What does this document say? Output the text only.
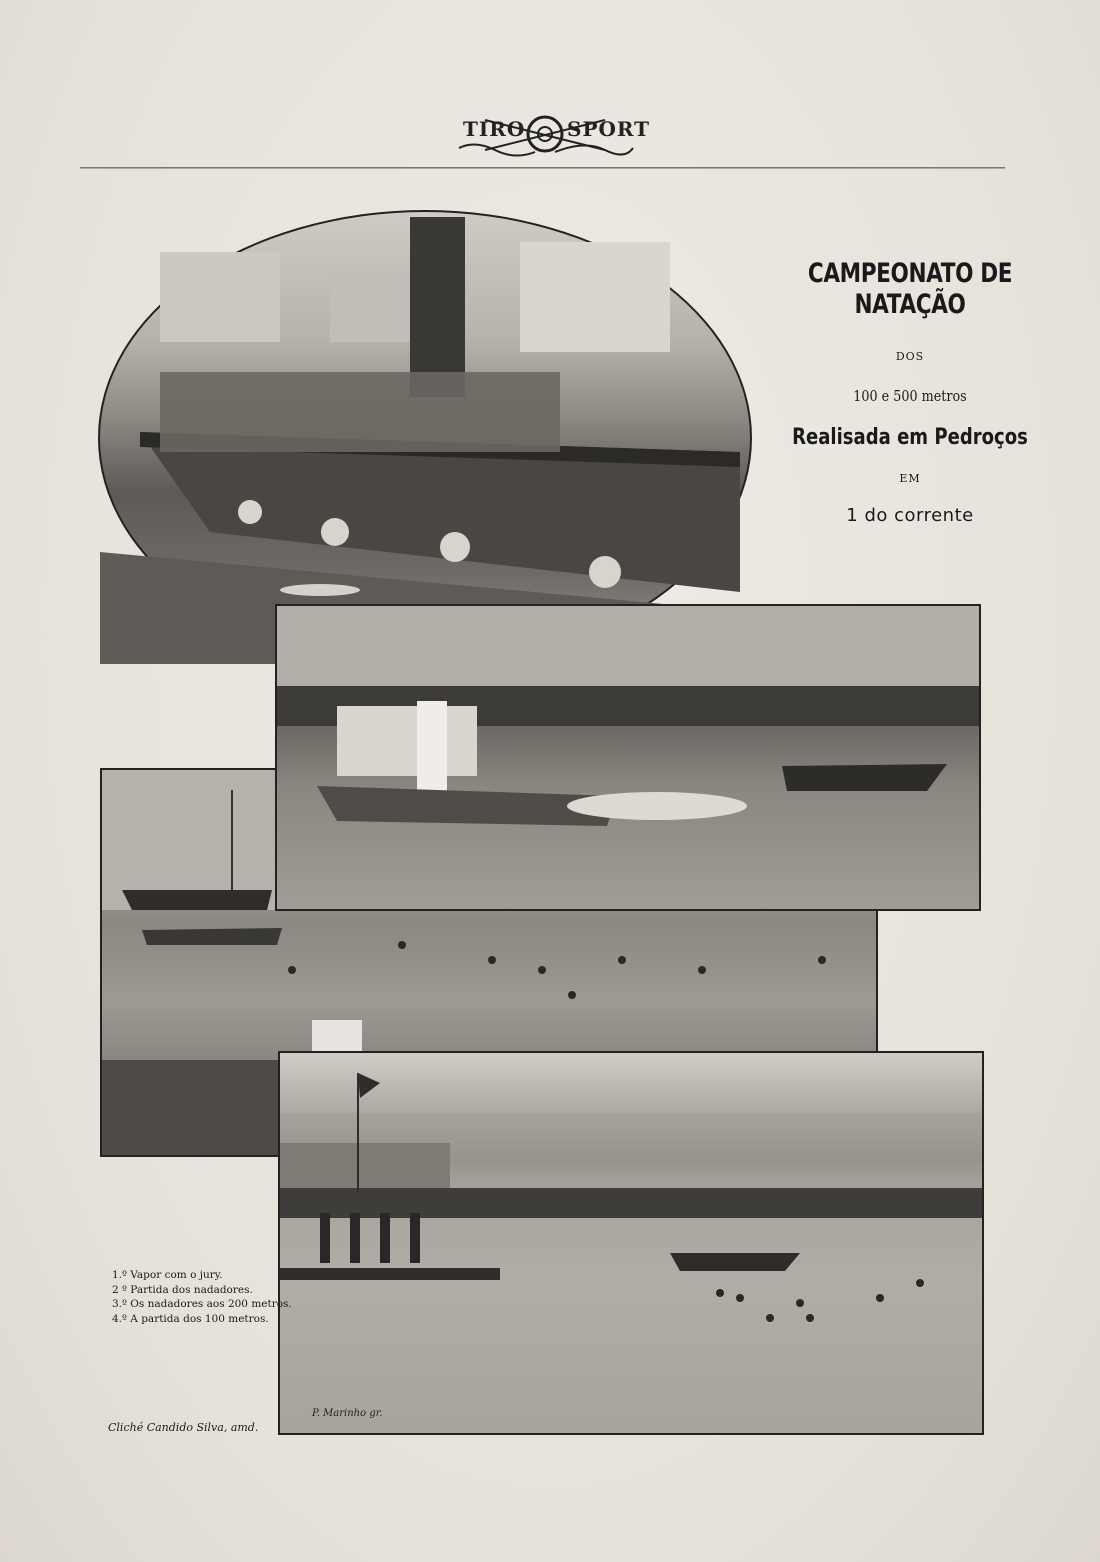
TIRO SPORT
CAMPEONATO DE NATAÇÃO
DOS
100 e 500 metros
Realisada em Pedroços
EM
1 do corrente
1.º Vapor com o jury.
2 º Partida dos nadadores.
3.º Os nadadores aos 200 metros.
4.º A partida dos 100 metros.
P. Marinho gr.
Cliché Candido Silva, amd.
